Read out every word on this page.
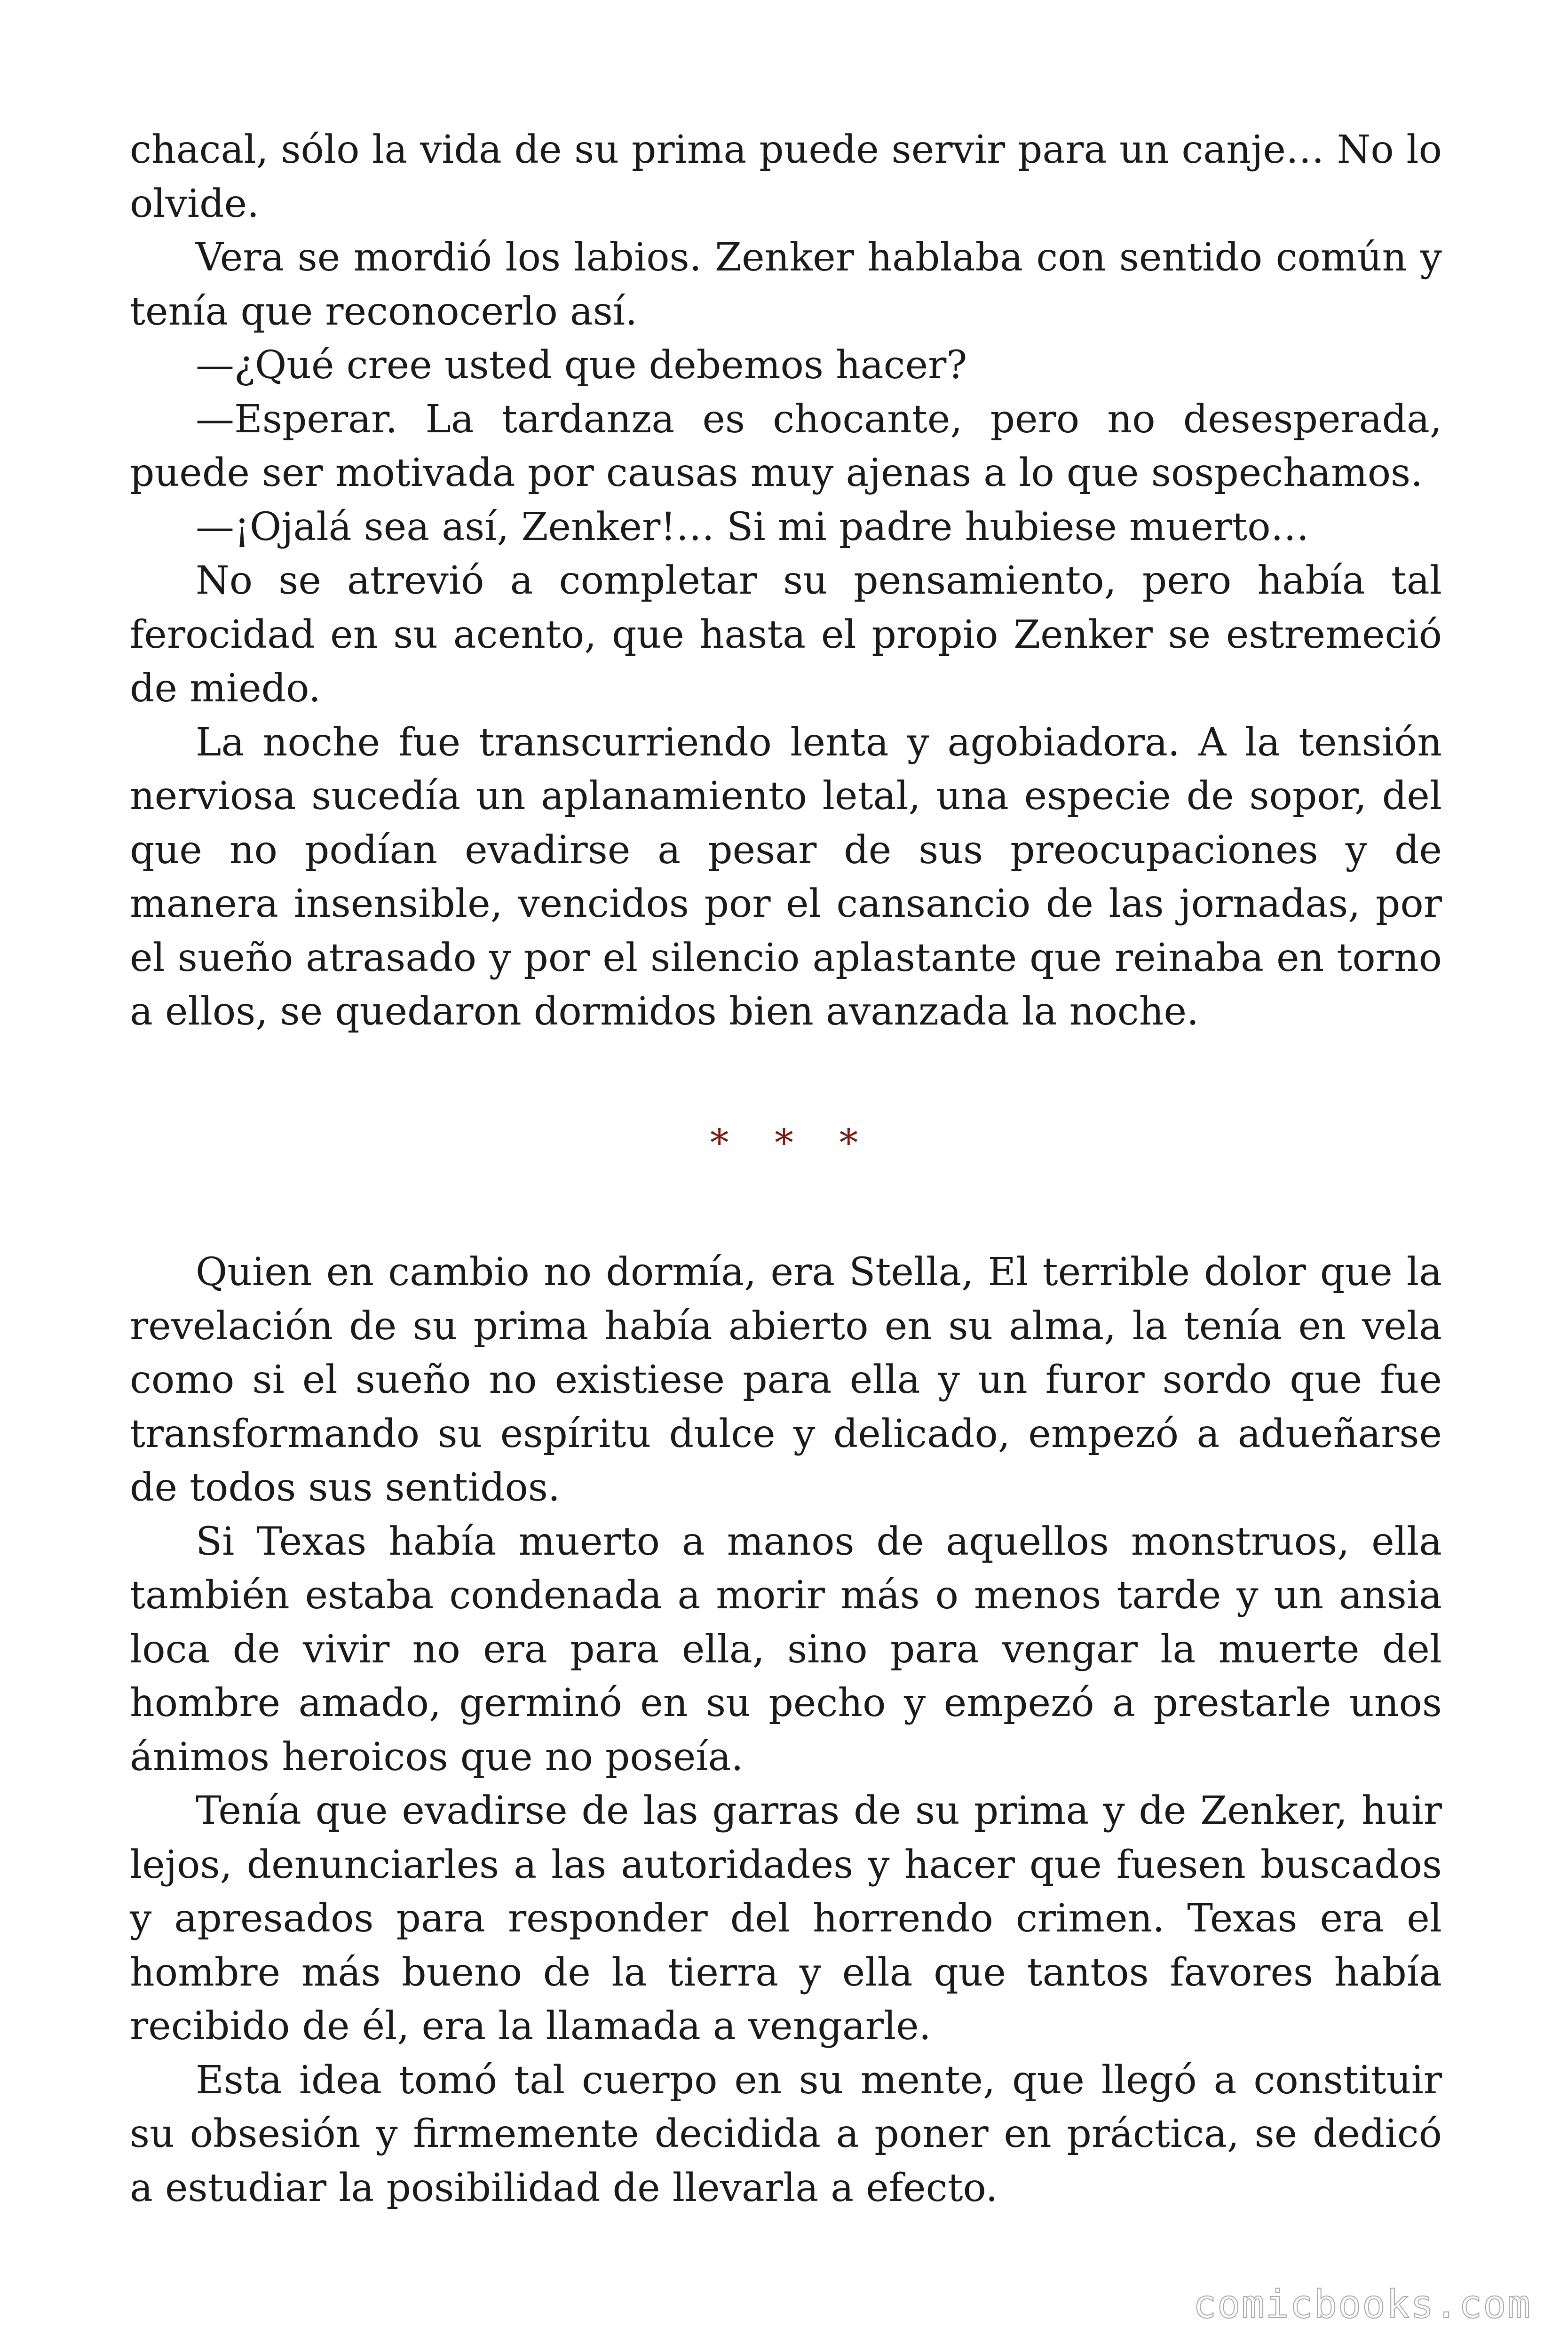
chacal, sólo la vida de su prima puede servir para un canje… No lo olvide.

Vera se mordió los labios. Zenker hablaba con sentido común y tenía que reconocerlo así.

—¿Qué cree usted que debemos hacer?

—Esperar. La tardanza es chocante, pero no desesperada, puede ser motivada por causas muy ajenas a lo que sospechamos.

—¡Ojalá sea así, Zenker!… Si mi padre hubiese muerto…

No se atrevió a completar su pensamiento, pero había tal ferocidad en su acento, que hasta el propio Zenker se estremeció de miedo.

La noche fue transcurriendo lenta y agobiadora. A la tensión nerviosa sucedía un aplanamiento letal, una especie de sopor, del que no podían evadirse a pesar de sus preocupaciones y de manera insensible, vencidos por el cansancio de las jornadas, por el sueño atrasado y por el silencio aplastante que reinaba en torno a ellos, se quedaron dormidos bien avanzada la noche.

* * *

Quien en cambio no dormía, era Stella, El terrible dolor que la revelación de su prima había abierto en su alma, la tenía en vela como si el sueño no existiese para ella y un furor sordo que fue transformando su espíritu dulce y delicado, empezó a adueñarse de todos sus sentidos.

Si Texas había muerto a manos de aquellos monstruos, ella también estaba condenada a morir más o menos tarde y un ansia loca de vivir no era para ella, sino para vengar la muerte del hombre amado, germinó en su pecho y empezó a prestarle unos ánimos heroicos que no poseía.

Tenía que evadirse de las garras de su prima y de Zenker, huir lejos, denunciarles a las autoridades y hacer que fuesen buscados y apresados para responder del horrendo crimen. Texas era el hombre más bueno de la tierra y ella que tantos favores había recibido de él, era la llamada a vengarle.

Esta idea tomó tal cuerpo en su mente, que llegó a constituir su obsesión y firmemente decidida a poner en práctica, se dedicó a estudiar la posibilidad de llevarla a efecto.

comicbooks.com
